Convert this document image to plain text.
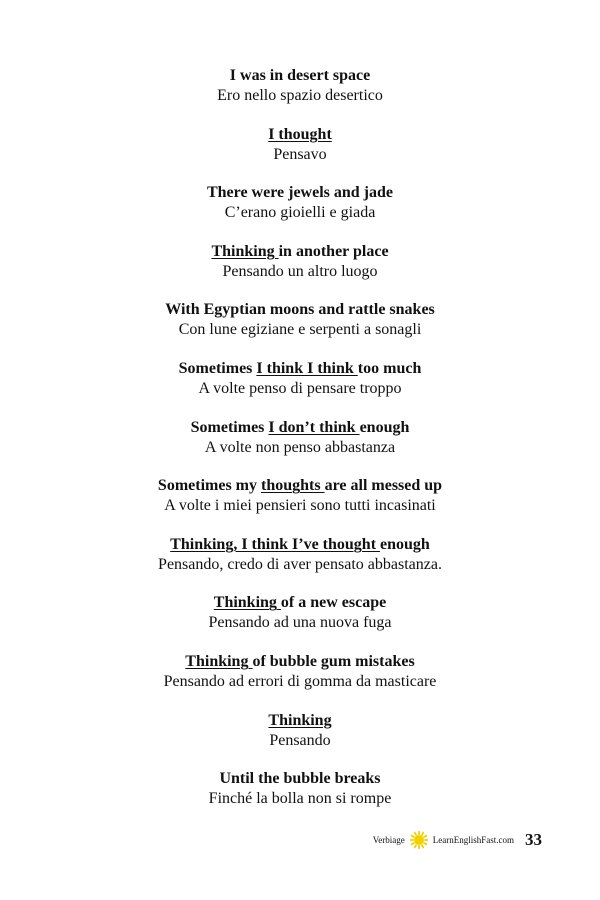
I was in desert space
Ero nello spazio desertico
I thought
Pensavo
There were jewels and jade
C’erano gioielli e giada
Thinking in another place
Pensando un altro luogo
With Egyptian moons and rattle snakes
Con lune egiziane e serpenti a sonagli
Sometimes I think I think too much
A volte penso di pensare troppo
Sometimes I don’t think enough
A volte non penso abbastanza
Sometimes my thoughts are all messed up
A volte i miei pensieri sono tutti incasinati
Thinking, I think I’ve thought enough
Pensando, credo di aver pensato abbastanza.
Thinking of a new escape
Pensando ad una nuova fuga
Thinking of bubble gum mistakes
Pensando ad errori di gomma da masticare
Thinking
Pensando
Until the bubble breaks
Finché la bolla non si rompe
Verbiage	LearnEnglishFast.com 33
